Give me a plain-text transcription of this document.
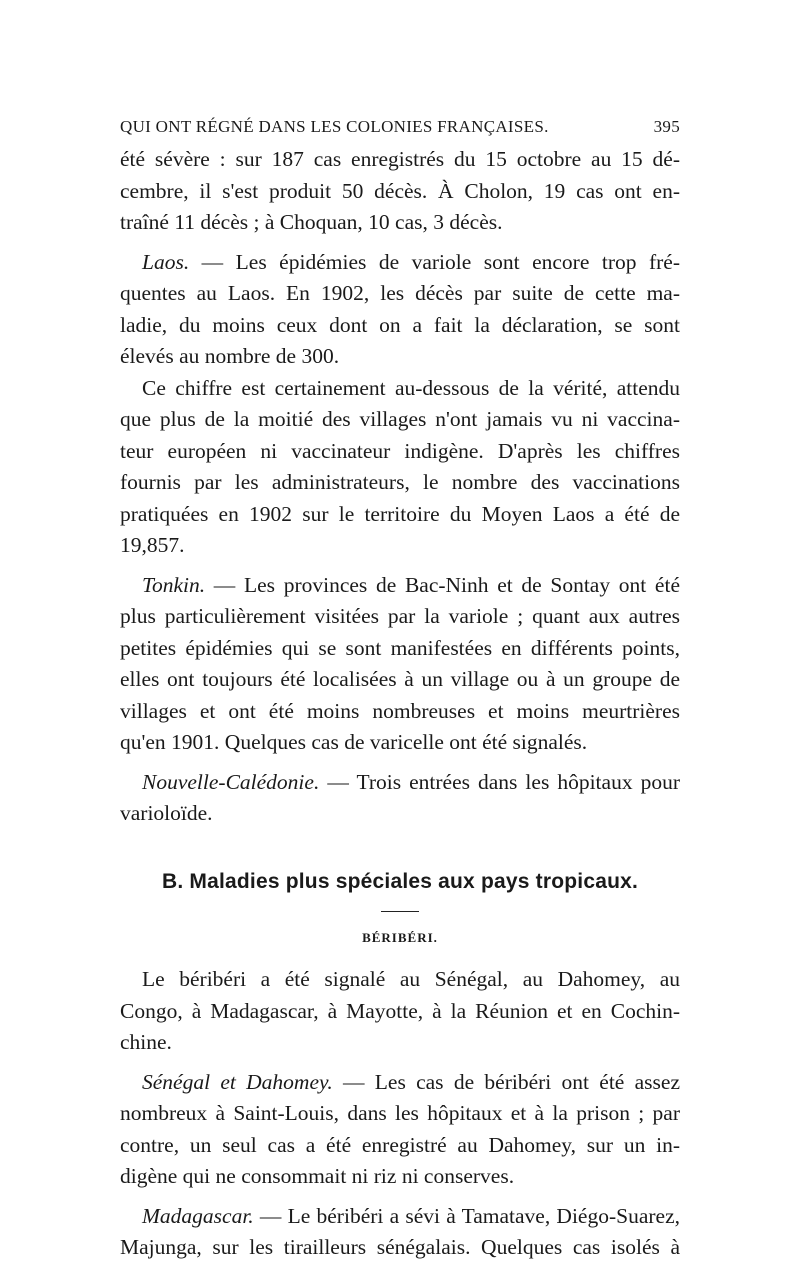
QUI ONT RÉGNÉ DANS LES COLONIES FRANÇAISES.	395

été sévère : sur 187 cas enregistrés du 15 octobre au 15 dé-
cembre, il s'est produit 50 décès. À Cholon, 19 cas ont en-
traîné 11 décès ; à Choquan, 10 cas, 3 décès.

Laos. — Les épidémies de variole sont encore trop fré-
quentes au Laos. En 1902, les décès par suite de cette ma-
ladie, du moins ceux dont on a fait la déclaration, se sont
élevés au nombre de 300.

Ce chiffre est certainement au-dessous de la vérité, attendu
que plus de la moitié des villages n'ont jamais vu ni vaccina-
teur européen ni vaccinateur indigène. D'après les chiffres
fournis par les administrateurs, le nombre des vaccinations
pratiquées en 1902 sur le territoire du Moyen Laos a été de
19,857.

Tonkin. — Les provinces de Bac-Ninh et de Sontay ont été
plus particulièrement visitées par la variole ; quant aux autres
petites épidémies qui se sont manifestées en différents points,
elles ont toujours été localisées à un village ou à un groupe de
villages et ont été moins nombreuses et moins meurtrières
qu'en 1901. Quelques cas de varicelle ont été signalés.

Nouvelle-Calédonie. — Trois entrées dans les hôpitaux pour
varioloïde.

B. Maladies plus spéciales aux pays tropicaux.
BÉRIBÉRI.

Le béribéri a été signalé au Sénégal, au Dahomey, au
Congo, à Madagascar, à Mayotte, à la Réunion et en Cochin-
chine.

Sénégal et Dahomey. — Les cas de béribéri ont été assez
nombreux à Saint-Louis, dans les hôpitaux et à la prison ; par
contre, un seul cas a été enregistré au Dahomey, sur un in-
digène qui ne consommait ni riz ni conserves.

Madagascar. — Le béribéri a sévi à Tamatave, Diégo-Suarez,
Majunga, sur les tirailleurs sénégalais. Quelques cas isolés à
